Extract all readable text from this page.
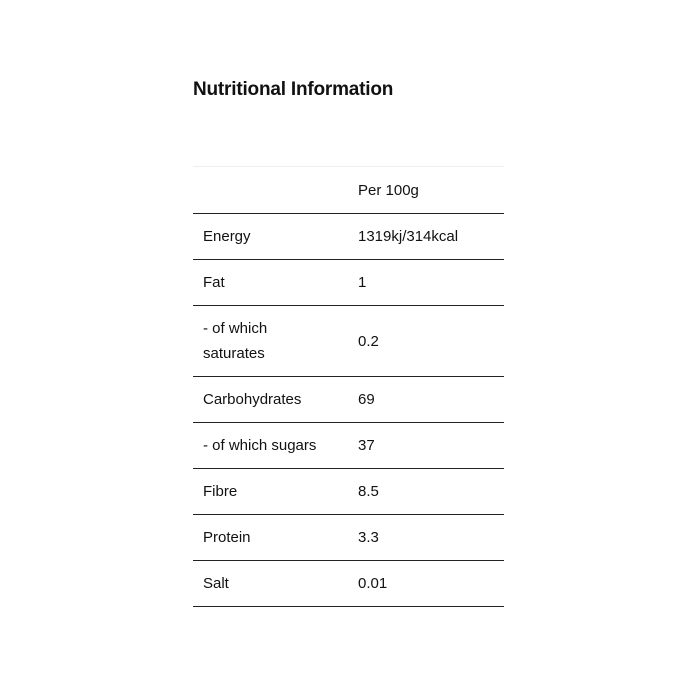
Nutritional Information
	Per 100g

Energy	1319kj/314kcal

Fat	1

- of which saturates	0.2

Carbohydrates	69
- of which sugars	37

Fibre	8.5

Protein	3.3

Salt	0.01
